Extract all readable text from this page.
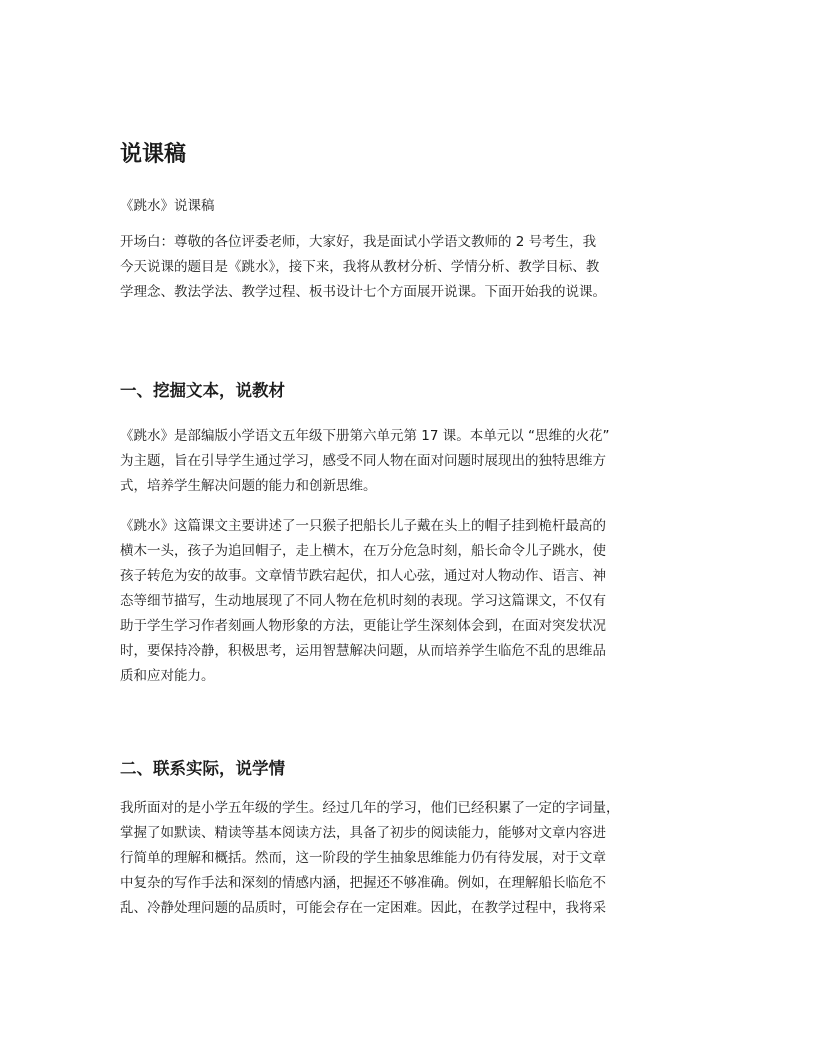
说课稿

《跳水》说课稿

开场白：尊敬的各位评委老师，大家好，我是面试小学语文教师的 2 号考生，我
今天说课的题目是《跳水》，接下来，我将从教材分析、学情分析、教学目标、教
学理念、教法学法、教学过程、板书设计七个方面展开说课。下面开始我的说课。

一、挖掘文本，说教材

《跳水》是部编版小学语文五年级下册第六单元第 17 课。本单元以 “思维的火花”
为主题，旨在引导学生通过学习，感受不同人物在面对问题时展现出的独特思维方
式，培养学生解决问题的能力和创新思维。

《跳水》这篇课文主要讲述了一只猴子把船长儿子戴在头上的帽子挂到桅杆最高的
横木一头，孩子为追回帽子，走上横木，在万分危急时刻，船长命令儿子跳水，使
孩子转危为安的故事。文章情节跌宕起伏，扣人心弦，通过对人物动作、语言、神
态等细节描写，生动地展现了不同人物在危机时刻的表现。学习这篇课文，不仅有
助于学生学习作者刻画人物形象的方法，更能让学生深刻体会到，在面对突发状况
时，要保持冷静，积极思考，运用智慧解决问题，从而培养学生临危不乱的思维品
质和应对能力。

二、联系实际，说学情

我所面对的是小学五年级的学生。经过几年的学习，他们已经积累了一定的字词量，
掌握了如默读、精读等基本阅读方法，具备了初步的阅读能力，能够对文章内容进
行简单的理解和概括。然而，这一阶段的学生抽象思维能力仍有待发展，对于文章
中复杂的写作手法和深刻的情感内涵，把握还不够准确。例如，在理解船长临危不
乱、冷静处理问题的品质时，可能会存在一定困难。因此，在教学过程中，我将采
